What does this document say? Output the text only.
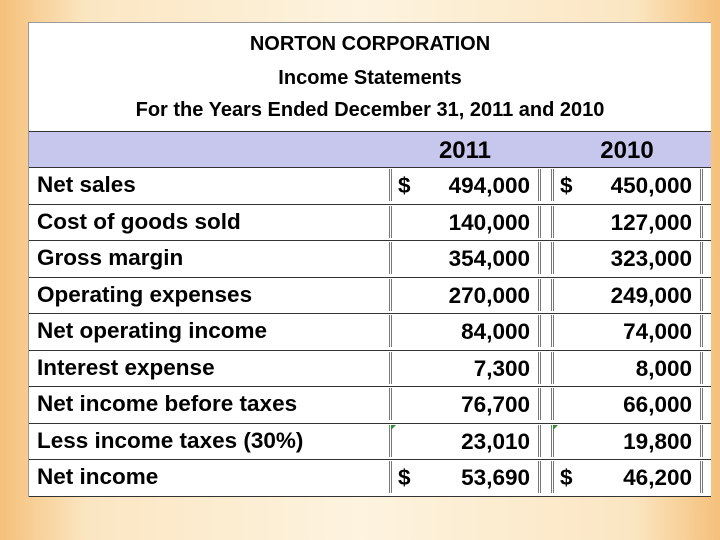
NORTON CORPORATION
Income Statements
For the Years Ended December 31, 2011 and 2010
2011	2010
Net sales	$ 494,000 $ 450,000
Cost of goods sold	140,000	127,000
Gross margin	354,000	323,000
Operating expenses	270,000	249,000
Net operating income	84,000	74,000
Interest expense	7,300	8,000
Net income before taxes	76,700	66,000
Less income taxes (30%)	23,010	19,800
Net income	$ 53,690 $ 46,200
